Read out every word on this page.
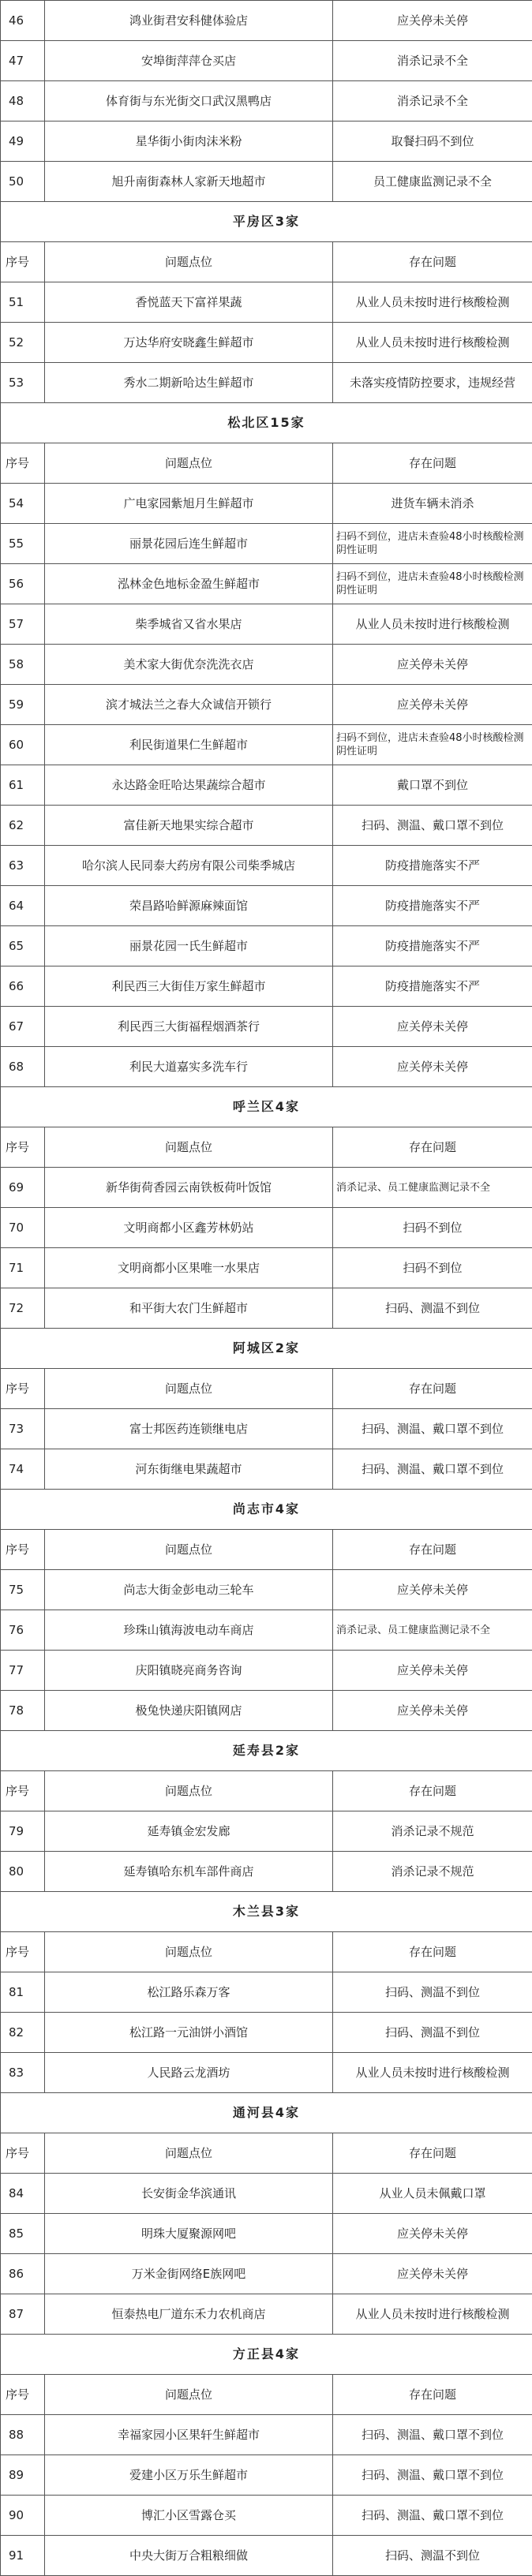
46	鸿业街君安科健体验店	应关停未关停
47	安埠街萍萍仓买店	消杀记录不全
48	体育街与东光街交口武汉黑鸭店	消杀记录不全
49	星华街小街肉沫米粉	取餐扫码不到位
50	旭升南街森林人家新天地超市	员工健康监测记录不全
平房区3家		
序号	问题点位	存在问题
51	香悦蓝天下富祥果蔬	从业人员未按时进行核酸检测
52	万达华府安晓鑫生鲜超市	从业人员未按时进行核酸检测
53	秀水二期新哈达生鲜超市	未落实疫情防控要求，违规经营
松北区15家		
序号	问题点位	存在问题
54	广电家园紫旭月生鲜超市	进货车辆未消杀
55	丽景花园后连生鲜超市	扫码不到位，进店未查验48小时核酸检测阴性证明
56	泓林金色地标金盈生鲜超市	扫码不到位，进店未查验48小时核酸检测阴性证明
57	柴季城省又省水果店	从业人员未按时进行核酸检测
58	美术家大街优奈洗洗衣店	应关停未关停
59	滨才城法兰之春大众诚信开锁行	应关停未关停
60	利民街道果仁生鲜超市	扫码不到位，进店未查验48小时核酸检测阴性证明
61	永达路金旺哈达果蔬综合超市	戴口罩不到位
62	富佳新天地果实综合超市	扫码、测温、戴口罩不到位
63	哈尔滨人民同泰大药房有限公司柴季城店	防疫措施落实不严
64	荣昌路哈鲜源麻辣面馆	防疫措施落实不严
65	丽景花园一氏生鲜超市	防疫措施落实不严
66	利民西三大街佳万家生鲜超市	防疫措施落实不严
67	利民西三大街福程烟酒茶行	应关停未关停
68	利民大道嘉实多洗车行	应关停未关停
呼兰区4家		
序号	问题点位	存在问题
69	新华街荷香园云南铁板荷叶饭馆	消杀记录、员工健康监测记录不全
70	文明商都小区鑫芳林奶站	扫码不到位
71	文明商都小区果唯一水果店	扫码不到位
72	和平街大农门生鲜超市	扫码、测温不到位
阿城区2家		
序号	问题点位	存在问题
73	富士邦医药连锁继电店	扫码、测温、戴口罩不到位
74	河东街继电果蔬超市	扫码、测温、戴口罩不到位
尚志市4家		
序号	问题点位	存在问题
75	尚志大街金彭电动三轮车	应关停未关停
76	珍珠山镇海波电动车商店	消杀记录、员工健康监测记录不全
77	庆阳镇晓亮商务咨询	应关停未关停
78	极兔快递庆阳镇网店	应关停未关停
延寿县2家		
序号	问题点位	存在问题
79	延寿镇金宏发廊	消杀记录不规范
80	延寿镇哈东机车部件商店	消杀记录不规范
木兰县3家		
序号	问题点位	存在问题
81	松江路乐森万客	扫码、测温不到位
82	松江路一元油饼小酒馆	扫码、测温不到位
83	人民路云龙酒坊	从业人员未按时进行核酸检测
通河县4家		
序号	问题点位	存在问题
84	长安街金华滨通讯	从业人员未佩戴口罩
85	明珠大厦聚源网吧	应关停未关停
86	万米金街网络E族网吧	应关停未关停
87	恒泰热电厂道东禾力农机商店	从业人员未按时进行核酸检测
方正县4家		
序号	问题点位	存在问题
88	幸福家园小区果轩生鲜超市	扫码、测温、戴口罩不到位
89	爱建小区万乐生鲜超市	扫码、测温、戴口罩不到位
90	博汇小区雪露仓买	扫码、测温、戴口罩不到位
91	中央大街万合粗粮细做	扫码、测温不到位
